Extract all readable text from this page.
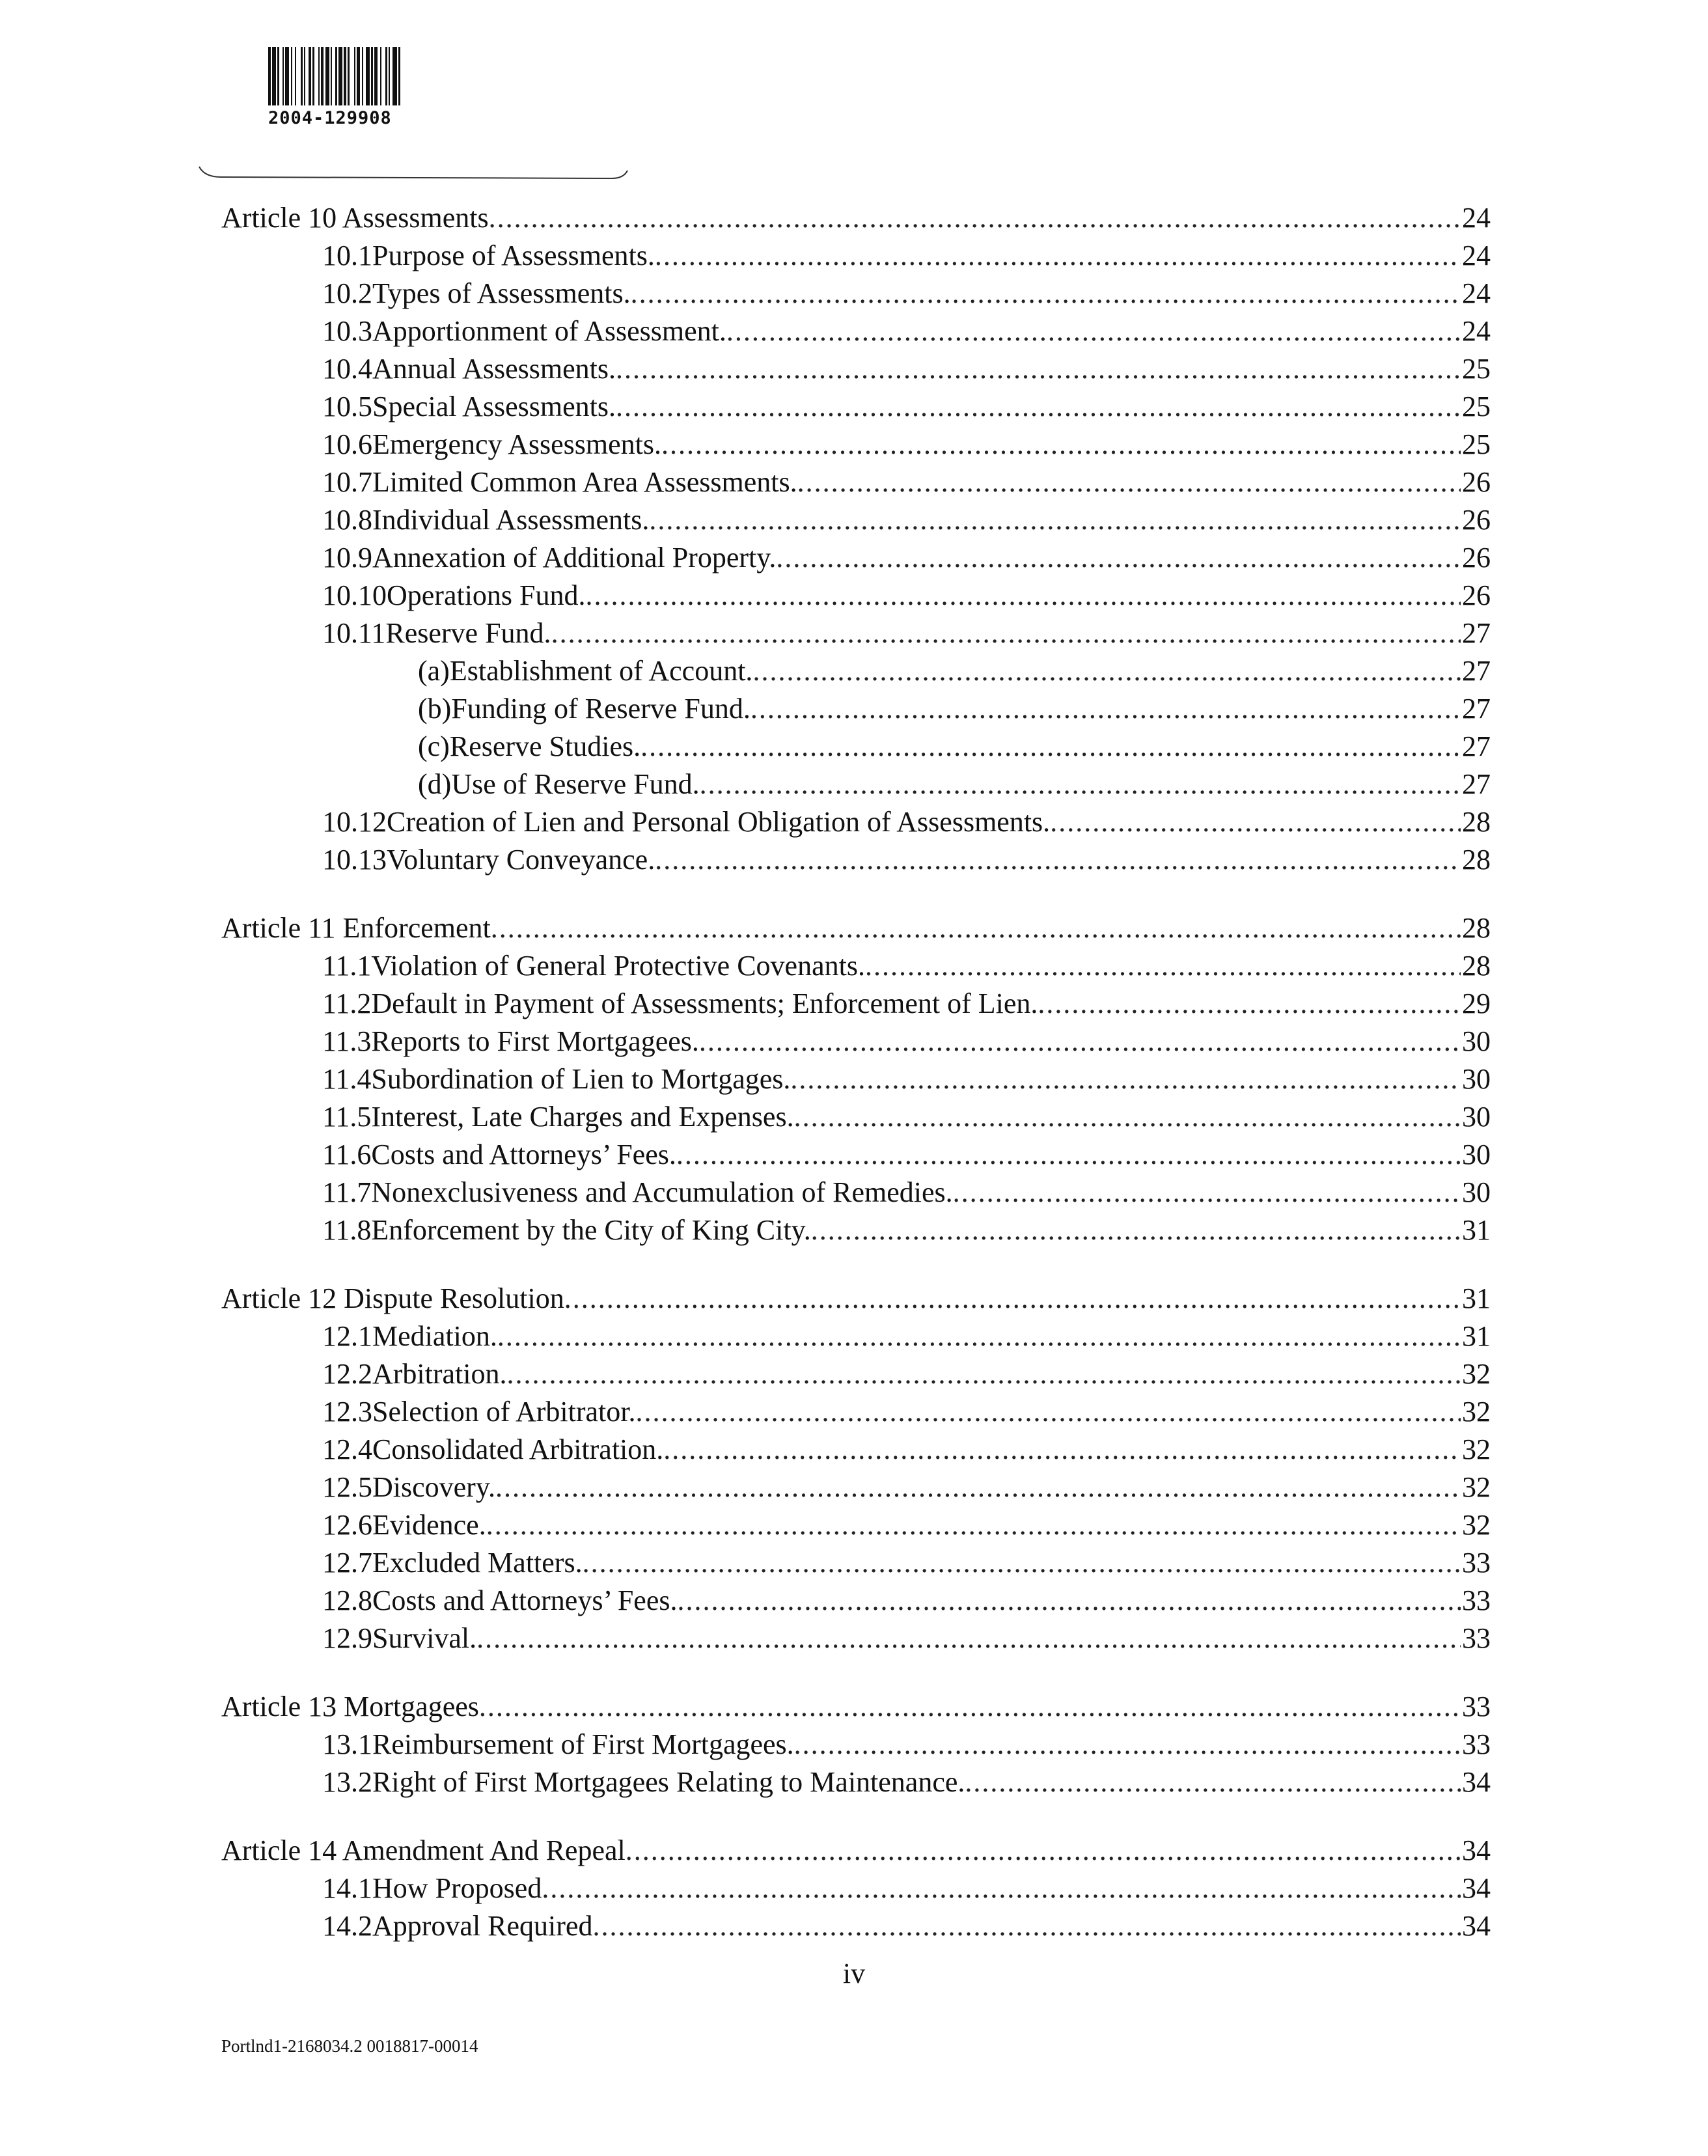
2004-129908
Article 10 Assessments .....	24
10.1 Purpose of Assessments. .....	24
10.2 Types of Assessments. .....	24
10.3 Apportionment of Assessment. .....	24
10.4 Annual Assessments. .....	25
10.5 Special Assessments. .....	25
10.6 Emergency Assessments. .....	25
10.7 Limited Common Area Assessments. .....	26
10.8 Individual Assessments. .....	26
10.9 Annexation of Additional Property. .....	26
10.10 Operations Fund. .....	26
10.11 Reserve Fund. .....	27
(a) Establishment of Account. .....	27
(b) Funding of Reserve Fund. .....	27
(c) Reserve Studies. .....	27
(d) Use of Reserve Fund. .....	27
10.12 Creation of Lien and Personal Obligation of Assessments. .....	28
10.13 Voluntary Conveyance. .....	28
Article 11 Enforcement .....	28
11.1 Violation of General Protective Covenants. .....	28
11.2 Default in Payment of Assessments; Enforcement of Lien. .....	29
11.3 Reports to First Mortgagees. .....	30
11.4 Subordination of Lien to Mortgages. .....	30
11.5 Interest, Late Charges and Expenses. .....	30
11.6 Costs and Attorneys’ Fees. .....	30
11.7 Nonexclusiveness and Accumulation of Remedies. .....	30
11.8 Enforcement by the City of King City. .....	31
Article 12 Dispute Resolution .....	31
12.1 Mediation. .....	31
12.2 Arbitration. .....	32
12.3 Selection of Arbitrator. .....	32
12.4 Consolidated Arbitration. .....	32
12.5 Discovery. .....	32
12.6 Evidence. .....	32
12.7 Excluded Matters. .....	33
12.8 Costs and Attorneys’ Fees. .....	33
12.9 Survival. .....	33
Article 13 Mortgagees .....	33
13.1 Reimbursement of First Mortgagees. .....	33
13.2 Right of First Mortgagees Relating to Maintenance. .....	34
Article 14 Amendment And Repeal .....	34
14.1 How Proposed .....	34
14.2 Approval Required .....	34
iv
Portlnd1-2168034.2 0018817-00014
